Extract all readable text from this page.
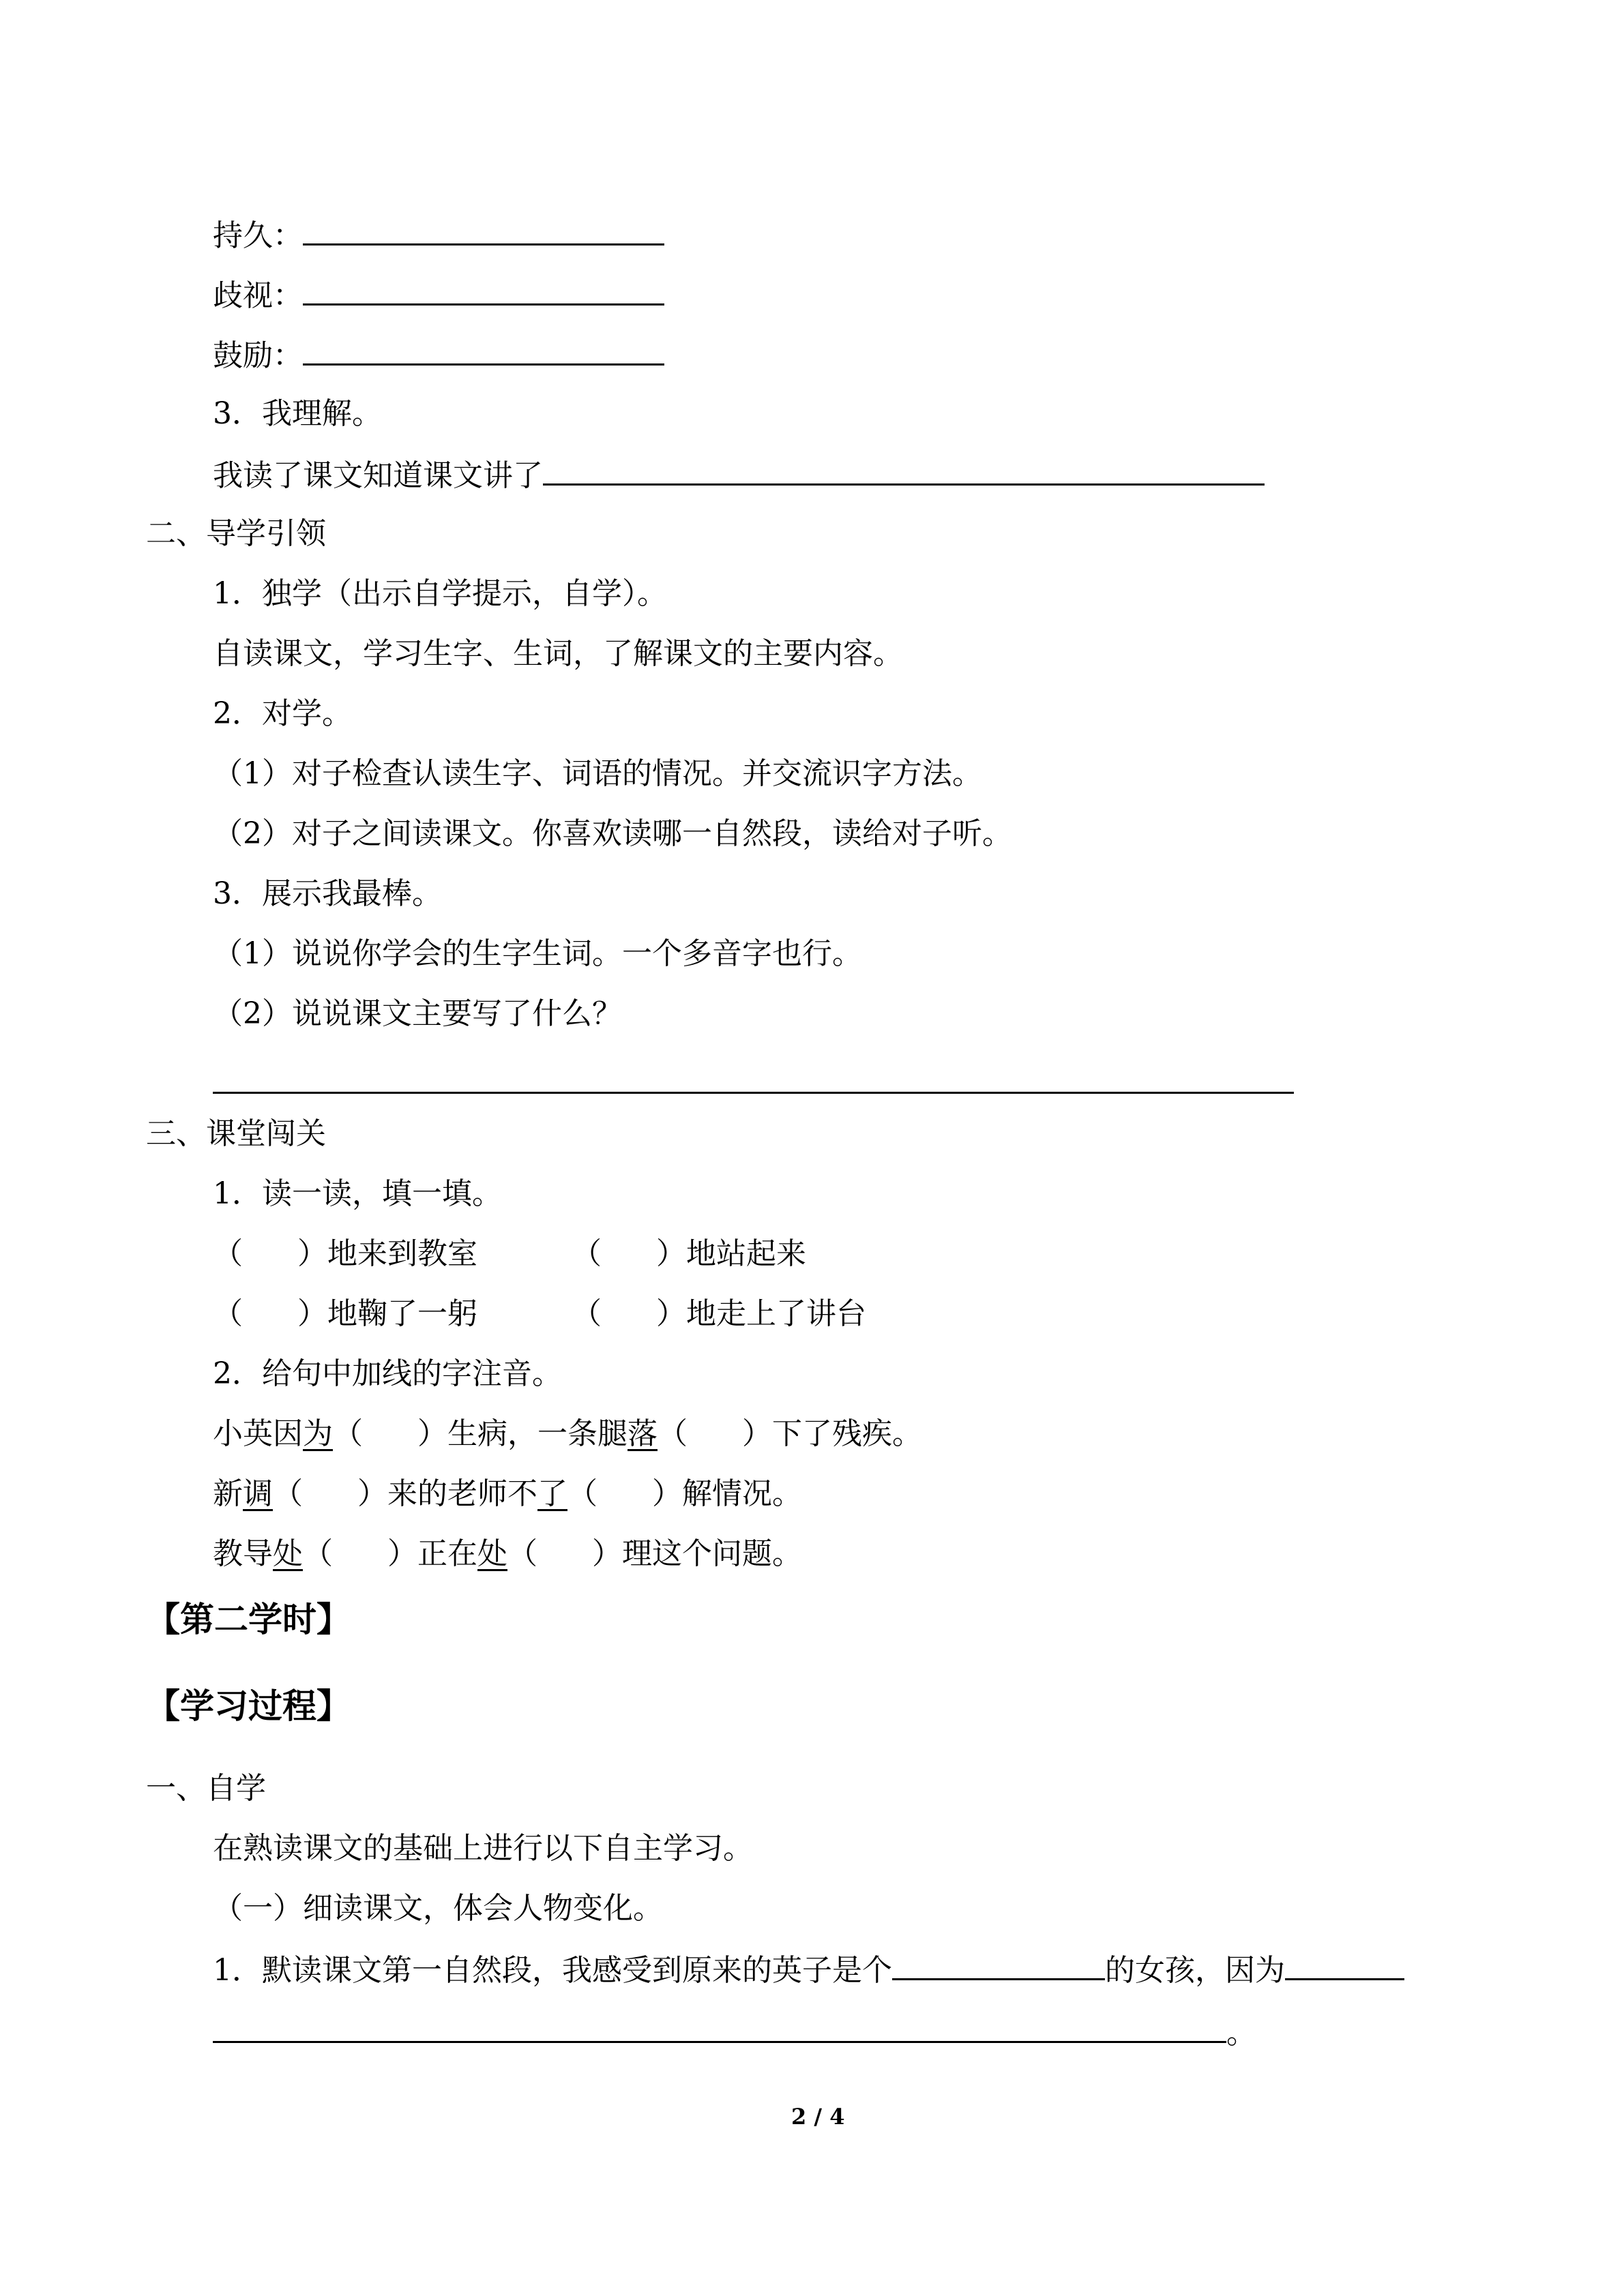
持久：
歧视：
鼓励：
3．我理解。
我读了课文知道课文讲了
二、导学引领
1．独学（出示自学提示，自学）。
自读课文，学习生字、生词，了解课文的主要内容。
2．对学。
（1）对子检查认读生字、词语的情况。并交流识字方法。
（2）对子之间读课文。你喜欢读哪一自然段，读给对子听。
3．展示我最棒。
（1）说说你学会的生字生词。一个多音字也行。
（2）说说课文主要写了什么？
三、课堂闯关
1．读一读，填一填。
（ ）地来到教室	（ ）地站起来
（ ）地鞠了一躬	（ ）地走上了讲台
2．给句中加线的字注音。
小英因为（ ）生病，一条腿落（ ）下了残疾。
新调（ ）来的老师不了（ ）解情况。
教导处（ ）正在处（ ）理这个问题。
【第二学时】
【学习过程】
一、自学
在熟读课文的基础上进行以下自主学习。
（一）细读课文，体会人物变化。
1．默读课文第一自然段，我感受到原来的英子是个	的女孩，因为
。
2 / 4
